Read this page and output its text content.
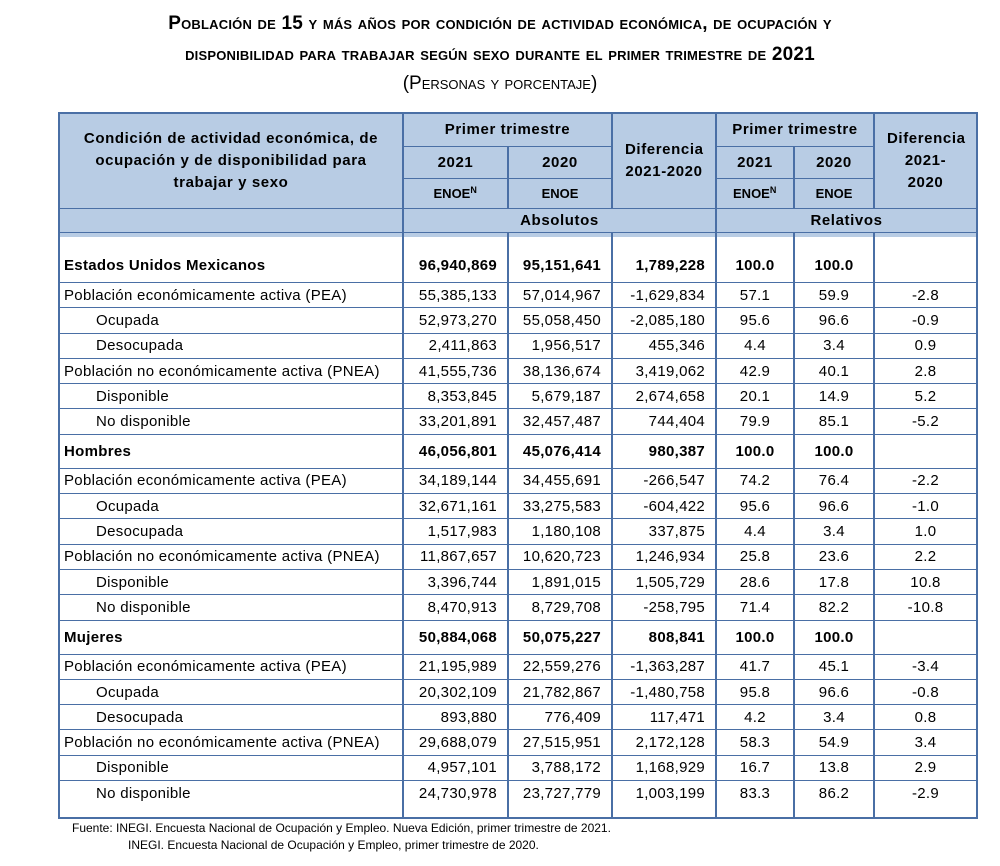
Población de 15 y más años por condición de actividad económica, de ocupación y
disponibilidad para trabajar según sexo durante el primer trimestre de 2021
(Personas y porcentaje)
Condición de actividad económica, de ocupación y de disponibilidad para trabajar y sexo	Primer trimestre		Diferencia 2021-2020	Primer trimestre		Diferencia 2021-2020
	2021	2020		2021	2020	
	$ENOE^N$	ENOE		$ENOE^N$	ENOE	
	Absolutos			Relativos		

Estados Unidos Mexicanos	96,940,869	95,151,641	1,789,228	100.0	100.0	
Población económicamente activa (PEA)	55,385,133	57,014,967	-1,629,834	57.1	59.9	-2.8
Ocupada	52,973,270	55,058,450	-2,085,180	95.6	96.6	-0.9
Desocupada	2,411,863	1,956,517	455,346	4.4	3.4	0.9
Población no económicamente activa (PNEA)	41,555,736	38,136,674	3,419,062	42.9	40.1	2.8
Disponible	8,353,845	5,679,187	2,674,658	20.1	14.9	5.2
No disponible	33,201,891	32,457,487	744,404	79.9	85.1	-5.2
Hombres	46,056,801	45,076,414	980,387	100.0	100.0	
Población económicamente activa (PEA)	34,189,144	34,455,691	-266,547	74.2	76.4	-2.2
Ocupada	32,671,161	33,275,583	-604,422	95.6	96.6	-1.0
Desocupada	1,517,983	1,180,108	337,875	4.4	3.4	1.0
Población no económicamente activa (PNEA)	11,867,657	10,620,723	1,246,934	25.8	23.6	2.2
Disponible	3,396,744	1,891,015	1,505,729	28.6	17.8	10.8
No disponible	8,470,913	8,729,708	-258,795	71.4	82.2	-10.8
Mujeres	50,884,068	50,075,227	808,841	100.0	100.0	
Población económicamente activa (PEA)	21,195,989	22,559,276	-1,363,287	41.7	45.1	-3.4
Ocupada	20,302,109	21,782,867	-1,480,758	95.8	96.6	-0.8
Desocupada	893,880	776,409	117,471	4.2	3.4	0.8
Población no económicamente activa (PNEA)	29,688,079	27,515,951	2,172,128	58.3	54.9	3.4
Disponible	4,957,101	3,788,172	1,168,929	16.7	13.8	2.9
No disponible	24,730,978	23,727,779	1,003,199	83.3	86.2	-2.9

Fuente: INEGI. Encuesta Nacional de Ocupación y Empleo. Nueva Edición, primer trimestre de 2021.
INEGI. Encuesta Nacional de Ocupación y Empleo, primer trimestre de 2020.
